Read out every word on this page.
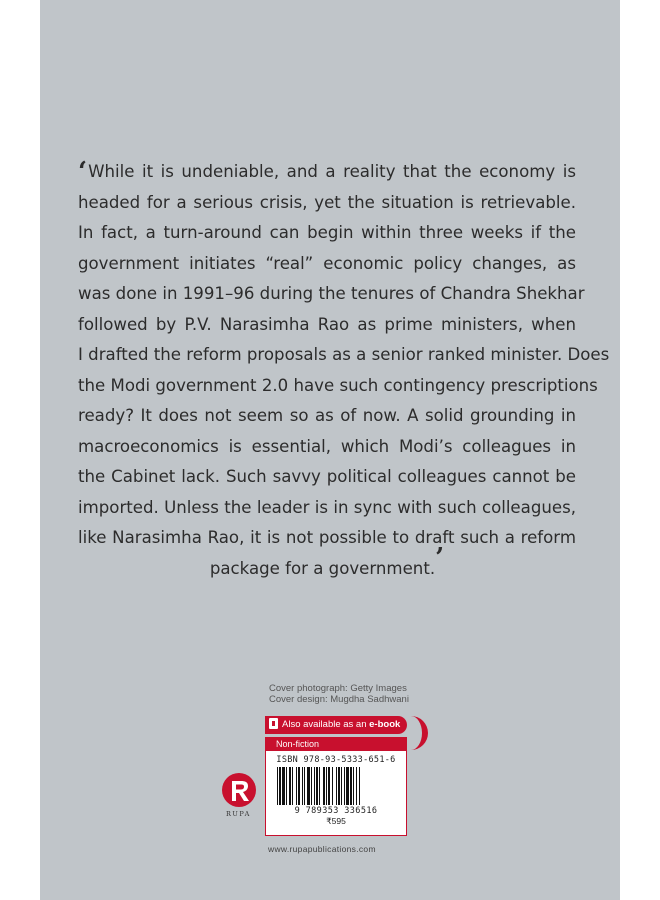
‘While it is undeniable, and a reality that the economy is
headed for a serious crisis, yet the situation is retrievable.
In fact, a turn-around can begin within three weeks if the
government initiates “real” economic policy changes, as
was done in 1991–96 during the tenures of Chandra Shekhar
followed by P.V. Narasimha Rao as prime ministers, when
I drafted the reform proposals as a senior ranked minister. Does
the Modi government 2.0 have such contingency prescriptions
ready? It does not seem so as of now. A solid grounding in
macroeconomics is essential, which Modi’s colleagues in
the Cabinet lack. Such savvy political colleagues cannot be
imported. Unless the leader is in sync with such colleagues,
like Narasimha Rao, it is not possible to draft such a reform
package for a government.’
Cover photograph: Getty Images
Cover design: Mugdha Sadhwani
Also available as an e-book
Non-fiction
ISBN 978-93-5333-651-6
9 789353 336516
₹595
RUPA
www.rupapublications.com
